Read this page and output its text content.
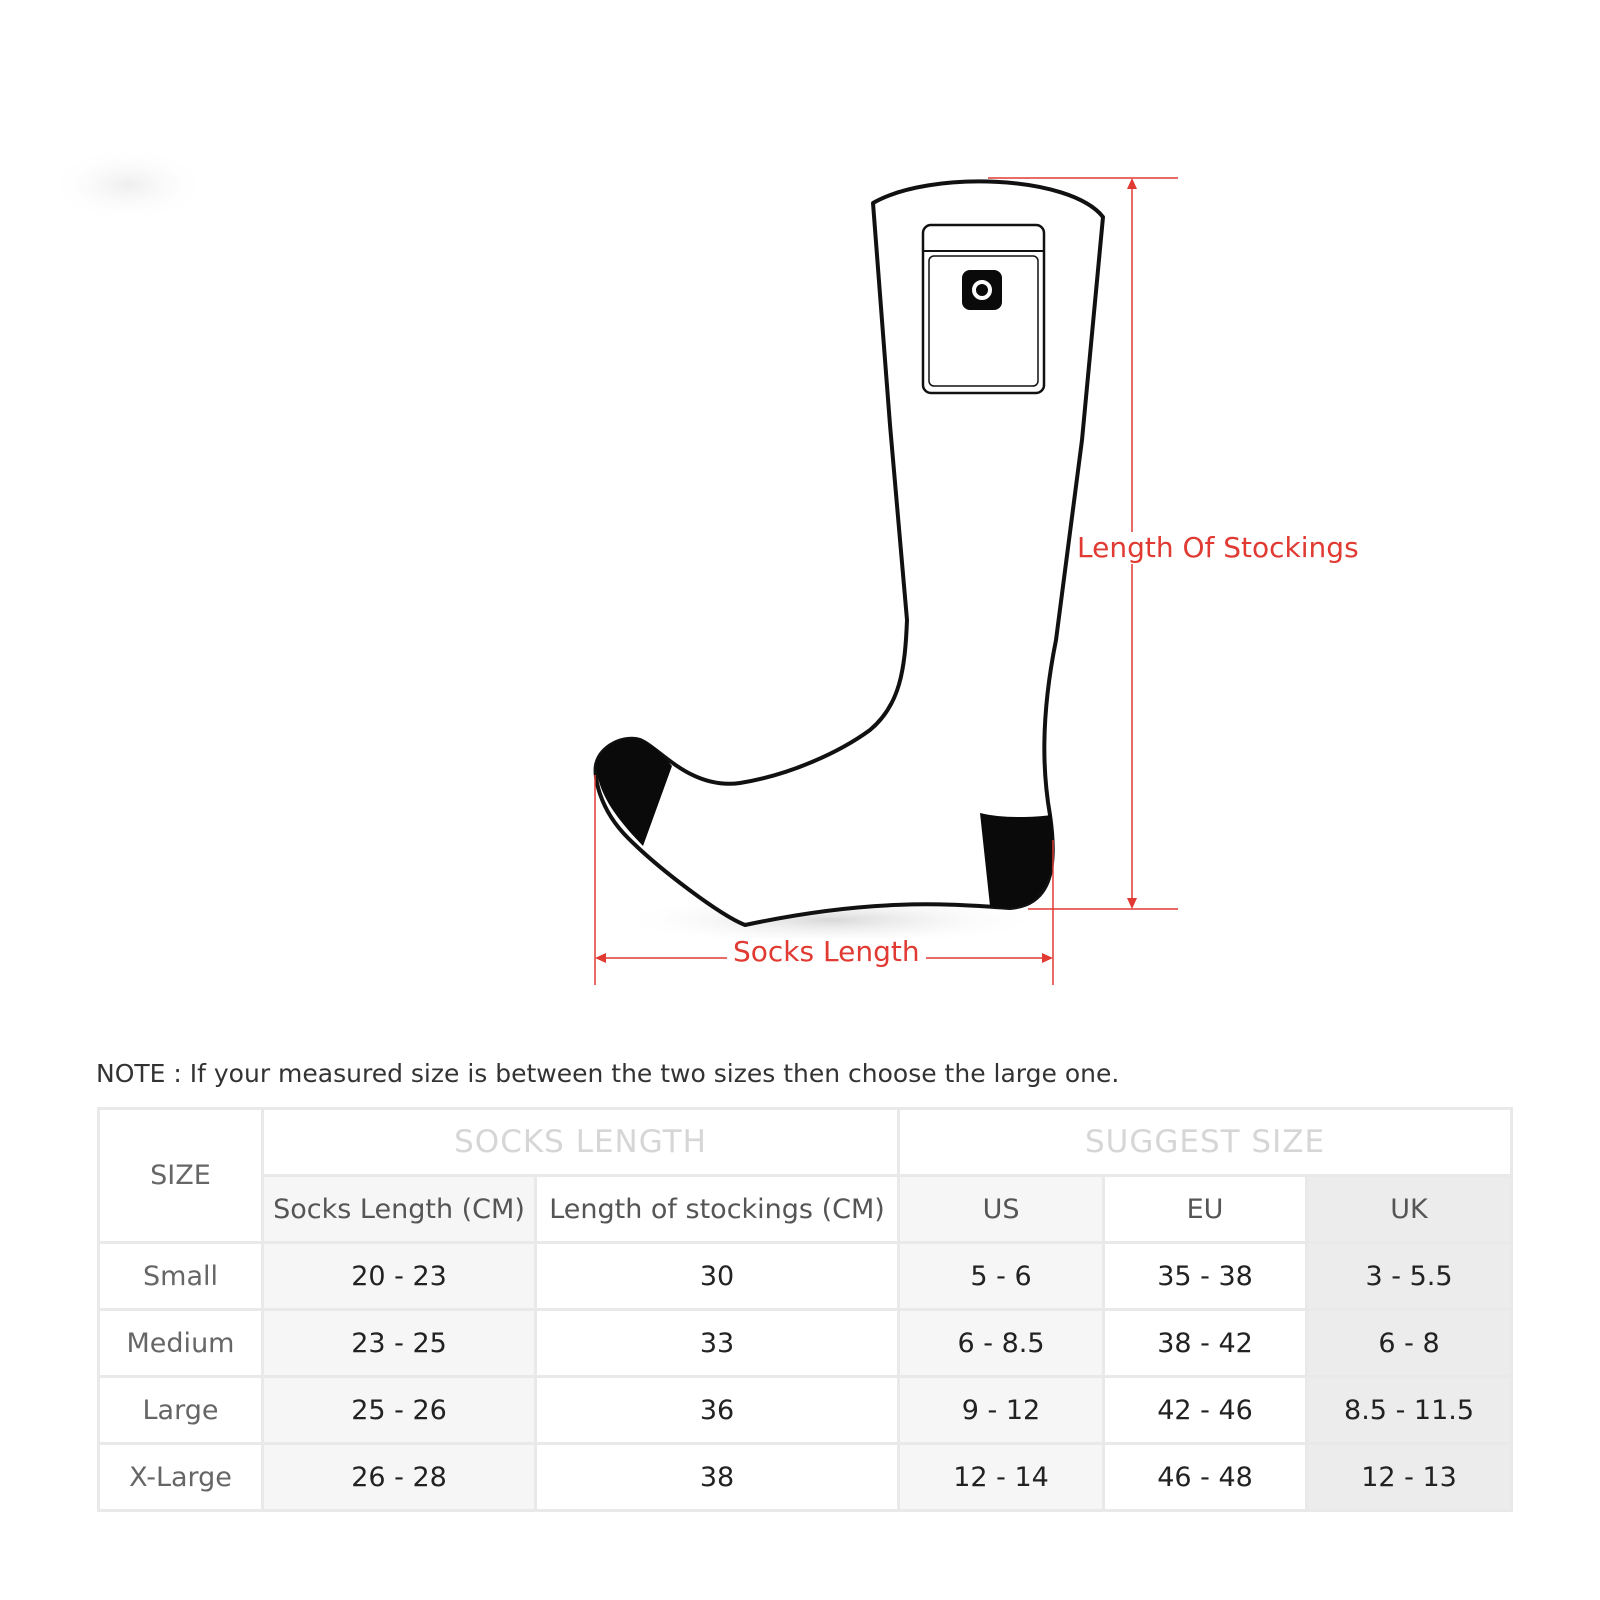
Length Of Stockings
Socks Length
NOTE : If your measured size is between the two sizes then choose the large one.
SIZE	SOCKS LENGTH		SUGGEST SIZE		
	Socks Length (CM)	Length of stockings (CM)	US	EU	UK
Small	20 - 23	30	5 - 6	35 - 38	3 - 5.5
Medium	23 - 25	33	6 - 8.5	38 - 42	6 - 8
Large	25 - 26	36	9 - 12	42 - 46	8.5 - 11.5
X-Large	26 - 28	38	12 - 14	46 - 48	12 - 13
